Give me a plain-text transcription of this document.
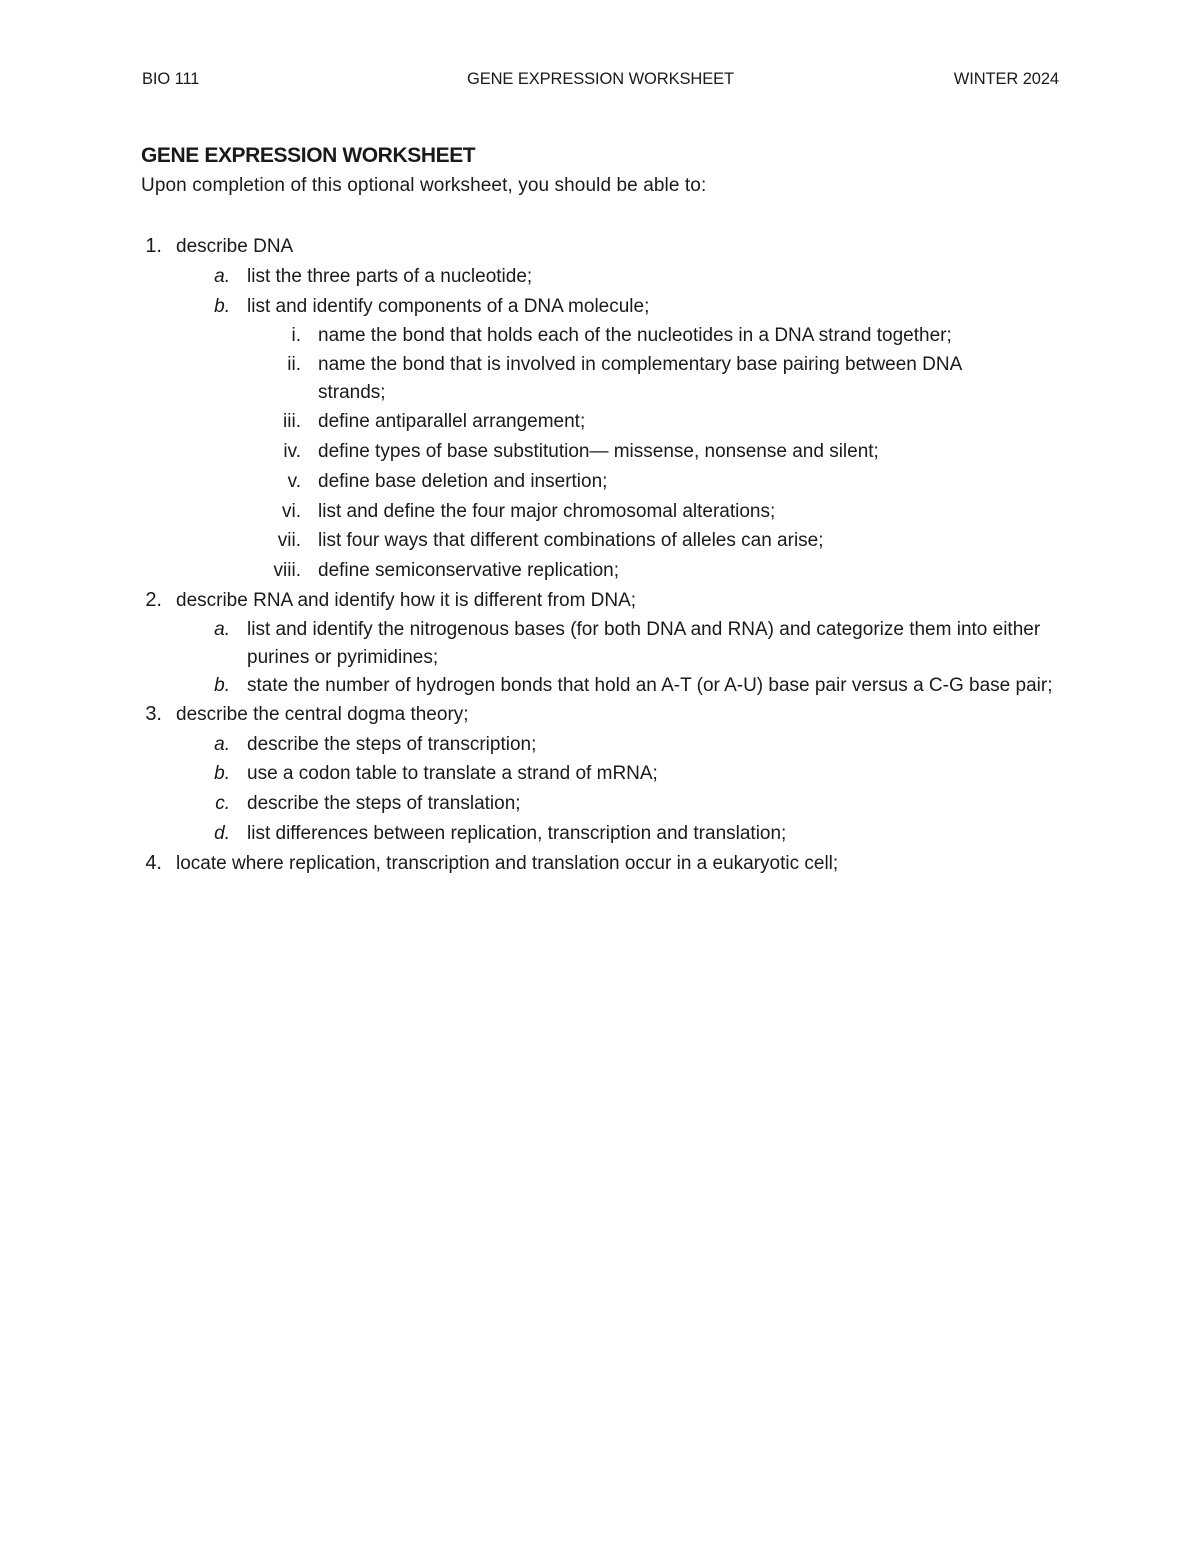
BIO 111	GENE EXPRESSION WORKSHEET	WINTER 2024
GENE EXPRESSION WORKSHEET
Upon completion of this optional worksheet, you should be able to:
1. describe DNA
a. list the three parts of a nucleotide;
b. list and identify components of a DNA molecule;
i. name the bond that holds each of the nucleotides in a DNA strand together;
ii. name the bond that is involved in complementary base pairing between DNA strands;
iii. define antiparallel arrangement;
iv. define types of base substitution— missense, nonsense and silent;
v. define base deletion and insertion;
vi. list and define the four major chromosomal alterations;
vii. list four ways that different combinations of alleles can arise;
viii. define semiconservative replication;
2. describe RNA and identify how it is different from DNA;
a. list and identify the nitrogenous bases (for both DNA and RNA) and categorize them into either purines or pyrimidines;
b. state the number of hydrogen bonds that hold an A-T (or A-U) base pair versus a C-G base pair;
3. describe the central dogma theory;
a. describe the steps of transcription;
b. use a codon table to translate a strand of mRNA;
c. describe the steps of translation;
d. list differences between replication, transcription and translation;
4. locate where replication, transcription and translation occur in a eukaryotic cell;
